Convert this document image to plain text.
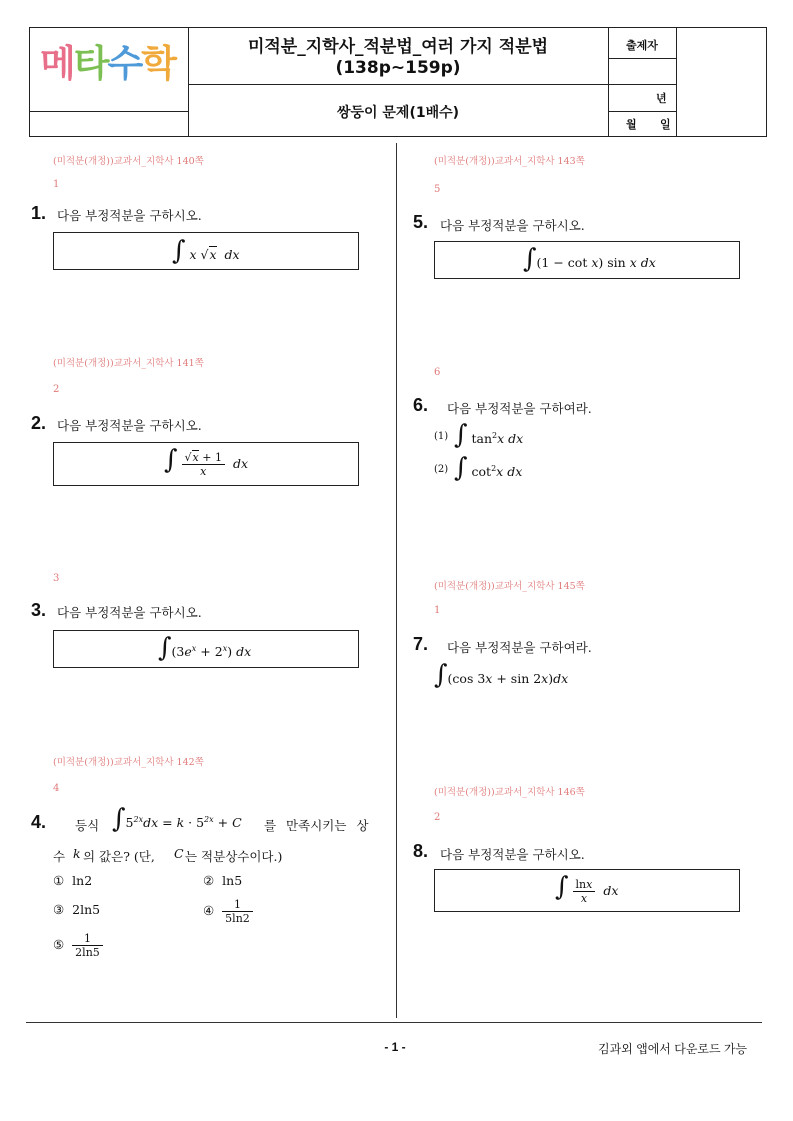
메타수학	미적분_지학사_적분법_여러 가지 적분법
(138p~159p)
쌍둥이 문제(1배수)
출제자
년
월 일
(미적분(개정))교과서_지학사 140쪽
1
1. 다음 부정적분을 구하시오.
∫ x √x  dx
(미적분(개정))교과서_지학사 141쪽
2
2. 다음 부정적분을 구하시오.
∫ $\frac{√x + 1}{x}$ dx
3
3. 다음 부정적분을 구하시오.
$\int(3e^x + 2^x)$ dx
(미적분(개정))교과서_지학사 142쪽
4
4. 등식 $\int 5^{2x}dx = k \cdot 5^{2x} + C$ 를 만족시키는 상
수 k 의 값은? (단, C 는 적분상수이다.)
① ln2	② ln5
③ 2ln5	④ $\frac{1}{5\ln 2}$
⑤ $\frac{1}{2\ln 5}$
(미적분(개정))교과서_지학사 143쪽
5
5. 다음 부정적분을 구하시오.
∫(1 − cot x) sin x dx
6
6. 다음 부정적분을 구하여라.
(1) ∫ $\tan^2x$ dx
(2) ∫ $\cot^2x$ dx
(미적분(개정))교과서_지학사 145쪽
1
7. 다음 부정적분을 구하여라.
∫(cos 3x + sin 2x)dx
(미적분(개정))교과서_지학사 146쪽
2
8. 다음 부정적분을 구하시오.
∫ $\frac{\ln x}{x}$ dx
- 1 -	김과외 앱에서 다운로드 가능
